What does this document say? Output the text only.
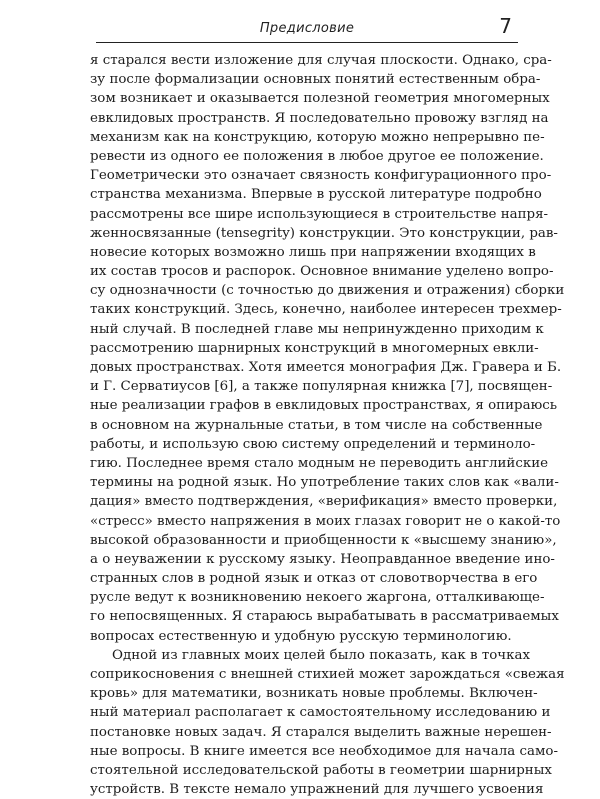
Предисловие	7
я старался вести изложение для случая плоскости. Однако, сра-
зу после формализации основных понятий естественным обра-
зом возникает и оказывается полезной геометрия многомерных
евклидовых пространств. Я последовательно провожу взгляд на
механизм как на конструкцию, которую можно непрерывно пе-
ревести из одного ее положения в любое другое ее положение.
Геометрически это означает связность конфигурационного про-
странства механизма. Впервые в русской литературе подробно
рассмотрены все шире использующиеся в строительстве напря-
женносвязанные (tensegrity) конструкции. Это конструкции, рав-
новесие которых возможно лишь при напряжении входящих в
их состав тросов и распорок. Основное внимание уделено вопро-
су однозначности (с точностью до движения и отражения) сборки
таких конструкций. Здесь, конечно, наиболее интересен трехмер-
ный случай. В последней главе мы непринужденно приходим к
рассмотрению шарнирных конструкций в многомерных евкли-
довых пространствах. Хотя имеется монография Дж. Гравера и Б.
и Г. Серватиусов [6], а также популярная книжка [7], посвящен-
ные реализации графов в евклидовых пространствах, я опираюсь
в основном на журнальные статьи, в том числе на собственные
работы, и использую свою систему определений и терминоло-
гию. Последнее время стало модным не переводить английские
термины на родной язык. Но употребление таких слов как «вали-
дация» вместо подтверждения, «верификация» вместо проверки,
«стресс» вместо напряжения в моих глазах говорит не о какой-то
высокой образованности и приобщенности к «высшему знанию»,
а о неуважении к русскому языку. Неоправданное введение ино-
странных слов в родной язык и отказ от словотворчества в его
русле ведут к возникновению некоего жаргона, отталкивающе-
го непосвященных. Я стараюсь вырабатывать в рассматриваемых
вопросах естественную и удобную русскую терминологию.
Одной из главных моих целей было показать, как в точках
соприкосновения с внешней стихией может зарождаться «свежая
кровь» для математики, возникать новые проблемы. Включен-
ный материал располагает к самостоятельному исследованию и
постановке новых задач. Я старался выделить важные нерешен-
ные вопросы. В книге имеется все необходимое для начала само-
стоятельной исследовательской работы в геометрии шарнирных
устройств. В тексте немало упражнений для лучшего усвоения
